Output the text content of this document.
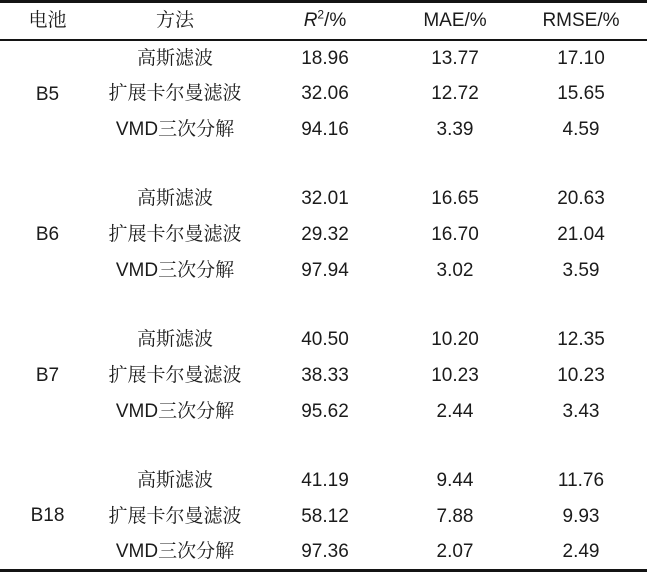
电池	方法	$R^2/\%$	MAE/%	RMSE/%
B5	高斯滤波	18.96	13.77	17.10
	扩展卡尔曼滤波	32.06	12.72	15.65
	VMD三次分解	94.16	3.39	4.59

B6	高斯滤波	32.01	16.65	20.63
	扩展卡尔曼滤波	29.32	16.70	21.04
	VMD三次分解	97.94	3.02	3.59

B7	高斯滤波	40.50	10.20	12.35
	扩展卡尔曼滤波	38.33	10.23	10.23
	VMD三次分解	95.62	2.44	3.43

B18	高斯滤波	41.19	9.44	11.76
	扩展卡尔曼滤波	58.12	7.88	9.93
	VMD三次分解	97.36	2.07	2.49
